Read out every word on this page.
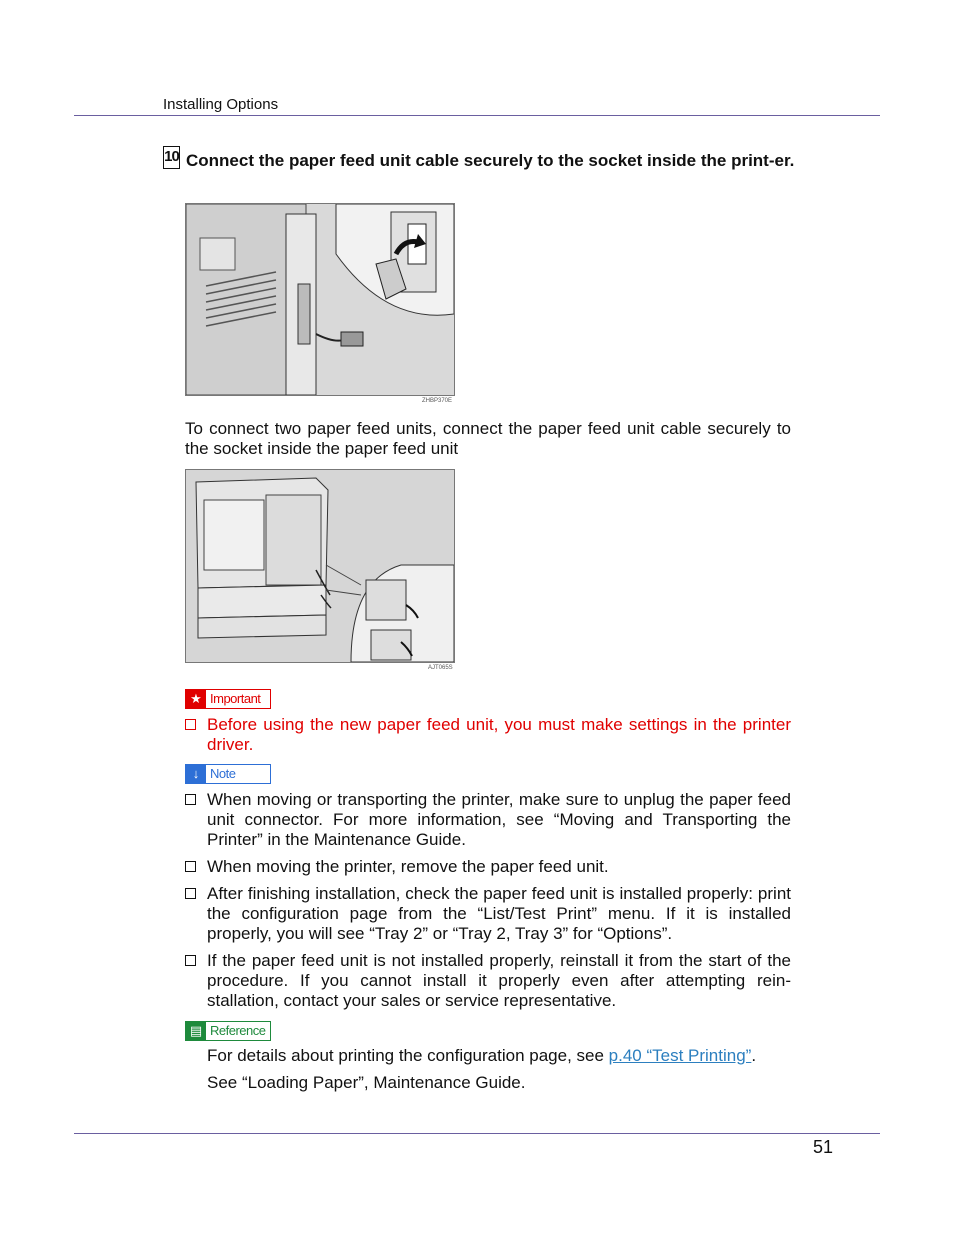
Installing Options
10 Connect the paper feed unit cable securely to the socket inside the print-er.
ZHBP370E
To connect two paper feed units, connect the paper feed unit cable securely to the socket inside the paper feed unit
AJT065S
★ Important
Before using the new paper feed unit, you must make settings in the printer driver.
↓ Note
When moving or transporting the printer, make sure to unplug the paper feed unit connector. For more information, see “Moving and Transporting the Printer” in the Maintenance Guide.
When moving the printer, remove the paper feed unit.
After finishing installation, check the paper feed unit is installed properly: print the configuration page from the “List/Test Print” menu. If it is installed properly, you will see “Tray 2” or “Tray 2, Tray 3” for “Options”.
If the paper feed unit is not installed properly, reinstall it from the start of the procedure. If you cannot install it properly even after attempting rein-stallation, contact your sales or service representative.
▤ Reference
For details about printing the configuration page, see p.40 “Test Printing”.
See “Loading Paper”, Maintenance Guide.
51
